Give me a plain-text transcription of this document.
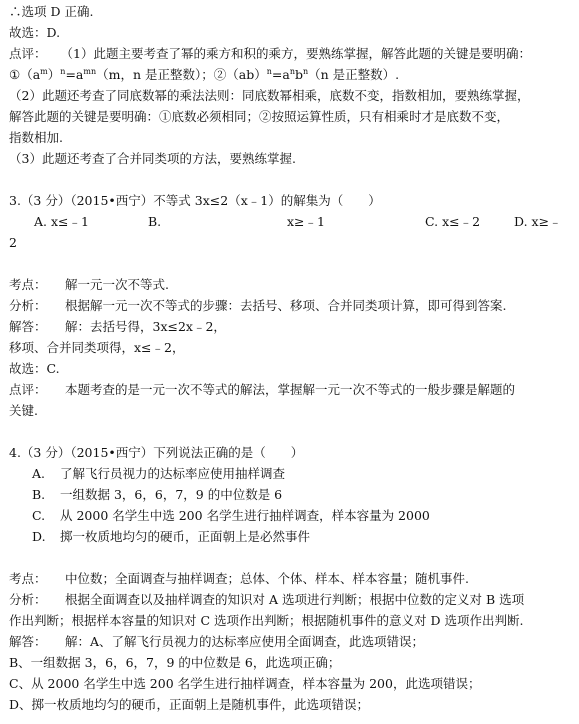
∴选项 D 正确.
故选：D.
点评： （1）此题主要考查了幂的乘方和积的乘方，要熟练掌握，解答此题的关键是要明确：
$①(a^m)^n=a^{mn}(m$，n 是正整数）；$②(ab)^n=a^nb^n(n$ 是正整数）.
（2）此题还考查了同底数幂的乘法法则：同底数幂相乘，底数不变，指数相加，要熟练掌握，
解答此题的关键是要明确：①底数必须相同；②按照运算性质，只有相乘时才是底数不变，
指数相加.
（3）此题还考查了合并同类项的方法，要熟练掌握.
3.（3 分）（2015•西宁）不等式 3x≤2（x﹣1）的解集为（　　）
A. x≤﹣1	B.	x≥﹣1	C. x≤﹣2	D. x≥﹣
2
考点： 解一元一次不等式.
分析： 根据解一元一次不等式的步骤：去括号、移项、合并同类项计算，即可得到答案.
解答： 解：去括号得，3x≤2x﹣2，
移项、合并同类项得，x≤﹣2，
故选：C.
点评： 本题考查的是一元一次不等式的解法，掌握解一元一次不等式的一般步骤是解题的
关键.
4.（3 分）（2015•西宁）下列说法正确的是（　　）
A. 了解飞行员视力的达标率应使用抽样调查
B. 一组数据 3，6，6，7，9 的中位数是 6
C. 从 2000 名学生中选 200 名学生进行抽样调查，样本容量为 2000
D. 掷一枚质地均匀的硬币，正面朝上是必然事件
考点： 中位数；全面调查与抽样调查；总体、个体、样本、样本容量；随机事件.
分析： 根据全面调查以及抽样调查的知识对 A 选项进行判断；根据中位数的定义对 B 选项
作出判断；根据样本容量的知识对 C 选项作出判断；根据随机事件的意义对 D 选项作出判断.
解答： 解：A、了解飞行员视力的达标率应使用全面调查，此选项错误；
B、一组数据 3，6，6，7，9 的中位数是 6，此选项正确；
C、从 2000 名学生中选 200 名学生进行抽样调查，样本容量为 200，此选项错误；
D、掷一枚质地均匀的硬币，正面朝上是随机事件，此选项错误；
